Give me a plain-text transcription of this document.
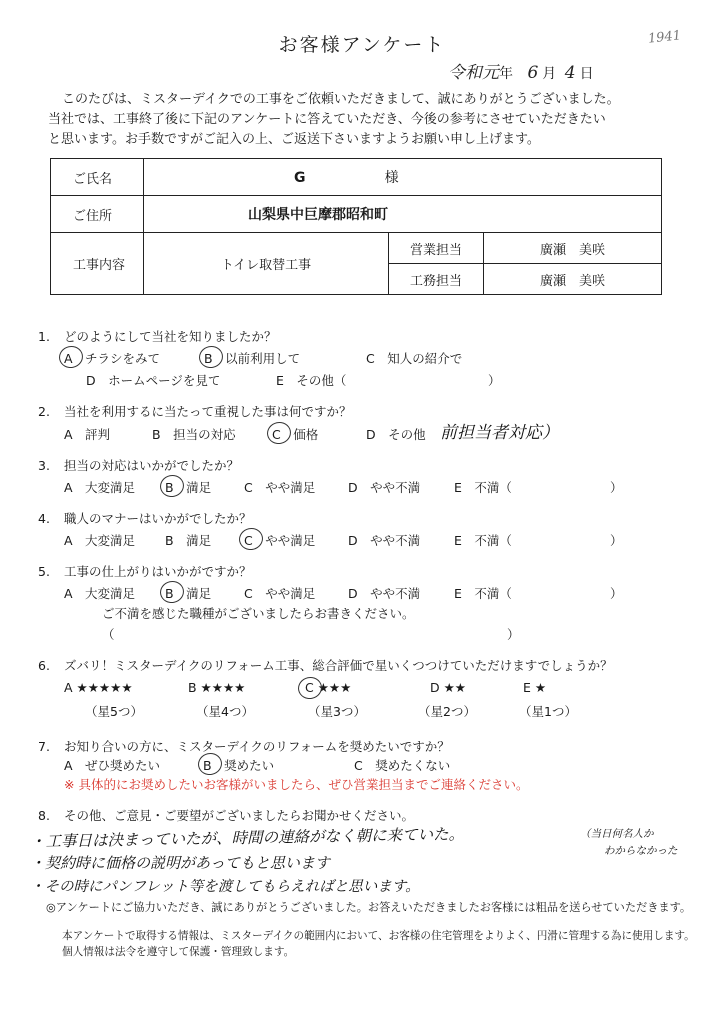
お客様アンケート	1941
令和元年 6 月 4 日
このたびは、ミスターデイクでの工事をご依頼いただきまして、誠にありがとうございました。
当社では、工事終了後に下記のアンケートに答えていただき、今後の参考にさせていただきたい
と思います。お手数ですがご記入の上、ご返送下さいますようお願い申し上げます。
ご氏名	G 様		
ご住所	山梨県中巨摩郡昭和町		
工事内容	トイレ取替工事	営業担当	廣瀬　美咲
		工務担当	廣瀬　美咲
1. どのようにして当社を知りましたか？
A　チラシをみて	B　以前利用して	C　知人の紹介で
D　ホームページを見て	E　その他（	）
2. 当社を利用するに当たって重視した事は何ですか？
A　評判	B　担当の対応	C　価格	D　その他 前担当者対応）
3. 担当の対応はいかがでしたか？
A　大変満足 B　満足	C　やや満足	D　やや不満	E　不満（	）
4. 職人のマナーはいかがでしたか？
A　大変満足 B　満足	C　やや満足	D　やや不満	E　不満（	）
5. 工事の仕上がりはいかがですか？
A　大変満足 B　満足	C　やや満足	D　やや不満	E　不満（	）
ご不満を感じた職種がございましたらお書きください。
（	）
6. ズバリ！ミスターデイクのリフォーム工事、総合評価で星いくつつけていただけますでしょうか？
A ★★★★★	B ★★★★	C ★★★	D ★★	E ★
（星5つ）	（星4つ）	（星3つ）	（星2つ）	（星1つ）
7. お知り合いの方に、ミスターデイクのリフォームを奨めたいですか？
A　ぜひ奨めたい	B　奨めたい	C　奨めたくない
※ 具体的にお奨めしたいお客様がいましたら、ぜひ営業担当までご連絡ください。
8. その他、ご意見・ご要望がございましたらお聞かせください。
・工事日は決まっていたが、時間の連絡がなく朝に来ていた。	（当日何名人か
わからなかった
・契約時に価格の説明があってもと思います
・その時にパンフレット等を渡してもらえればと思います。
◎アンケートにご協力いただき、誠にありがとうございました。お答えいただきましたお客様には粗品を送らせていただきます。
本アンケートで取得する情報は、ミスターデイクの範囲内において、お客様の住宅管理をよりよく、円滑に管理する為に使用します。
個人情報は法令を遵守して保護・管理致します。
